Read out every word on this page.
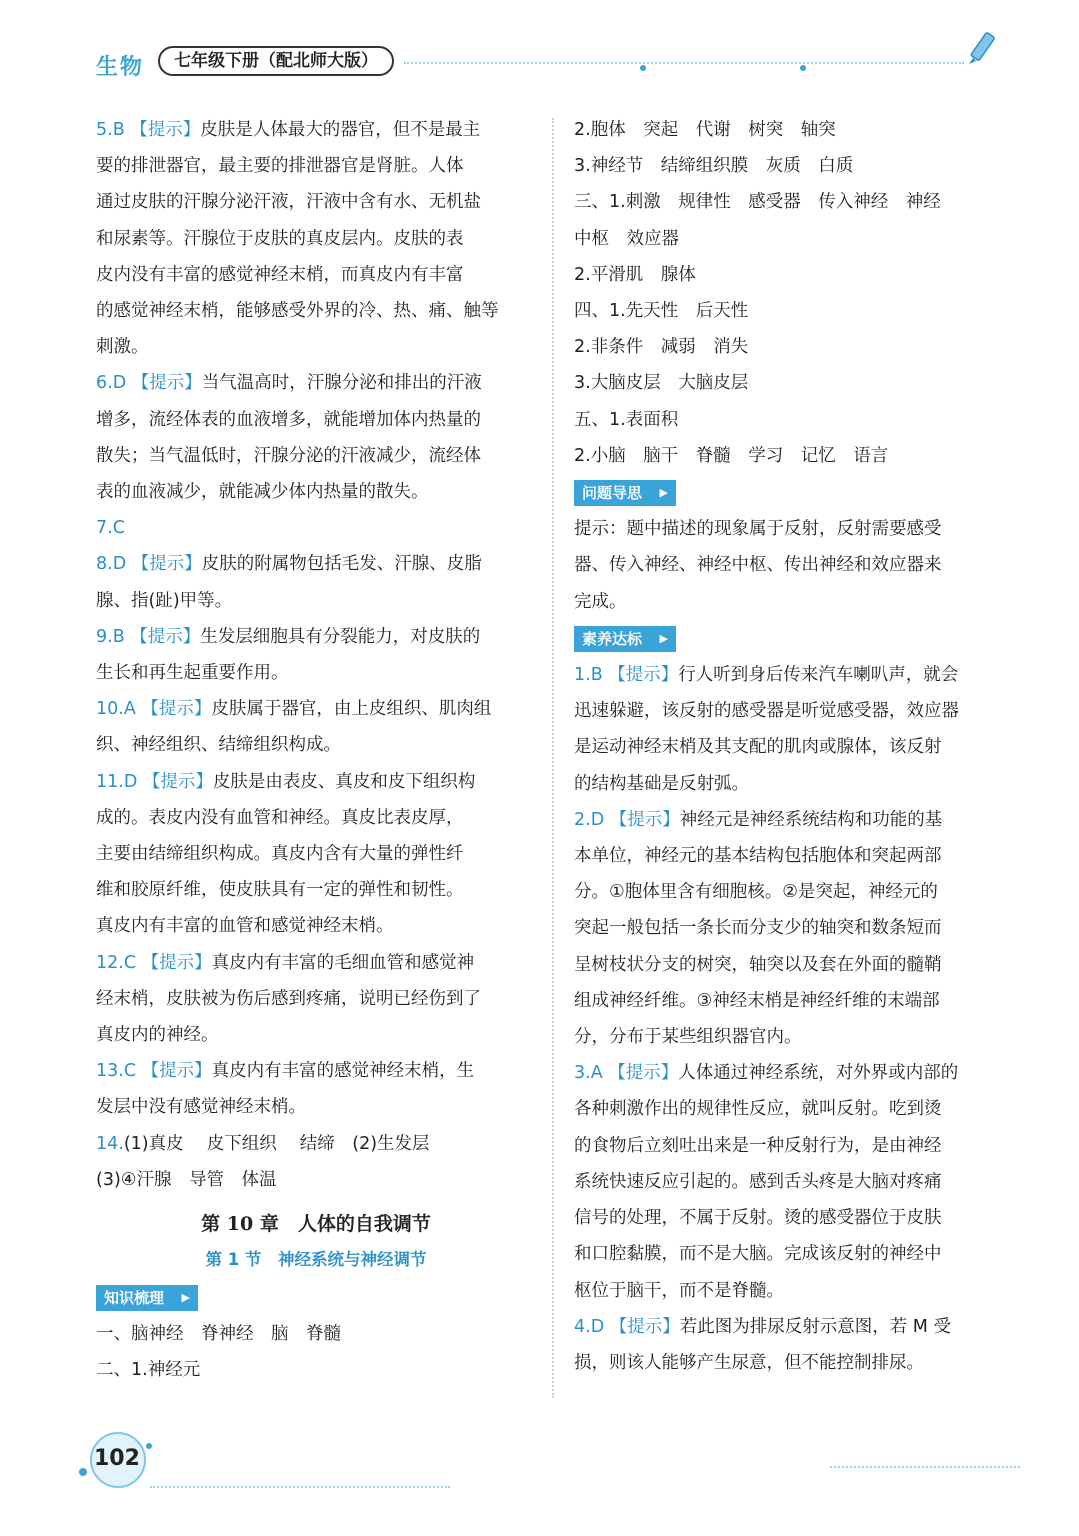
生物	七年级下册（配北师大版）
5.B 【提示】皮肤是人体最大的器官，但不是最主
要的排泄器官，最主要的排泄器官是肾脏。人体
通过皮肤的汗腺分泌汗液，汗液中含有水、无机盐
和尿素等。汗腺位于皮肤的真皮层内。皮肤的表
皮内没有丰富的感觉神经末梢，而真皮内有丰富
的感觉神经末梢，能够感受外界的冷、热、痛、触等
刺激。
6.D 【提示】当气温高时，汗腺分泌和排出的汗液
增多，流经体表的血液增多，就能增加体内热量的
散失；当气温低时，汗腺分泌的汗液减少，流经体
表的血液减少，就能减少体内热量的散失。
7.C
8.D 【提示】皮肤的附属物包括毛发、汗腺、皮脂
腺、指(趾)甲等。
9.B 【提示】生发层细胞具有分裂能力，对皮肤的
生长和再生起重要作用。
10.A 【提示】皮肤属于器官，由上皮组织、肌肉组
织、神经组织、结缔组织构成。
11.D 【提示】皮肤是由表皮、真皮和皮下组织构
成的。表皮内没有血管和神经。真皮比表皮厚，
主要由结缔组织构成。真皮内含有大量的弹性纤
维和胶原纤维，使皮肤具有一定的弹性和韧性。
真皮内有丰富的血管和感觉神经末梢。
12.C 【提示】真皮内有丰富的毛细血管和感觉神
经末梢，皮肤被为伤后感到疼痛，说明已经伤到了
真皮内的神经。
13.C 【提示】真皮内有丰富的感觉神经末梢，生
发层中没有感觉神经末梢。
14.(1)真皮　 皮下组织　 结缔　(2)生发层
(3)④汗腺　导管　体温
第 10 章　人体的自我调节
第 1 节　神经系统与神经调节
知识梳理 ▶
一、脑神经　脊神经　脑　脊髓
二、1.神经元
2.胞体　突起　代谢　树突　轴突
3.神经节　结缔组织膜　灰质　白质
三、1.刺激　规律性　感受器　传入神经　神经
中枢　效应器
2.平滑肌　腺体
四、1.先天性　后天性
2.非条件　减弱　消失
3.大脑皮层　大脑皮层
五、1.表面积
2.小脑　脑干　脊髓　学习　记忆　语言
问题导思 ▶
提示：题中描述的现象属于反射，反射需要感受
器、传入神经、神经中枢、传出神经和效应器来
完成。
素养达标 ▶
1.B 【提示】行人听到身后传来汽车喇叭声，就会
迅速躲避，该反射的感受器是听觉感受器，效应器
是运动神经末梢及其支配的肌肉或腺体，该反射
的结构基础是反射弧。
2.D 【提示】神经元是神经系统结构和功能的基
本单位，神经元的基本结构包括胞体和突起两部
分。①胞体里含有细胞核。②是突起，神经元的
突起一般包括一条长而分支少的轴突和数条短而
呈树枝状分支的树突，轴突以及套在外面的髓鞘
组成神经纤维。③神经末梢是神经纤维的末端部
分，分布于某些组织器官内。
3.A 【提示】人体通过神经系统，对外界或内部的
各种刺激作出的规律性反应，就叫反射。吃到烫
的食物后立刻吐出来是一种反射行为，是由神经
系统快速反应引起的。感到舌头疼是大脑对疼痛
信号的处理，不属于反射。烫的感受器位于皮肤
和口腔黏膜，而不是大脑。完成该反射的神经中
枢位于脑干，而不是脊髓。
4.D 【提示】若此图为排尿反射示意图，若 M 受
损，则该人能够产生尿意，但不能控制排尿。
102
